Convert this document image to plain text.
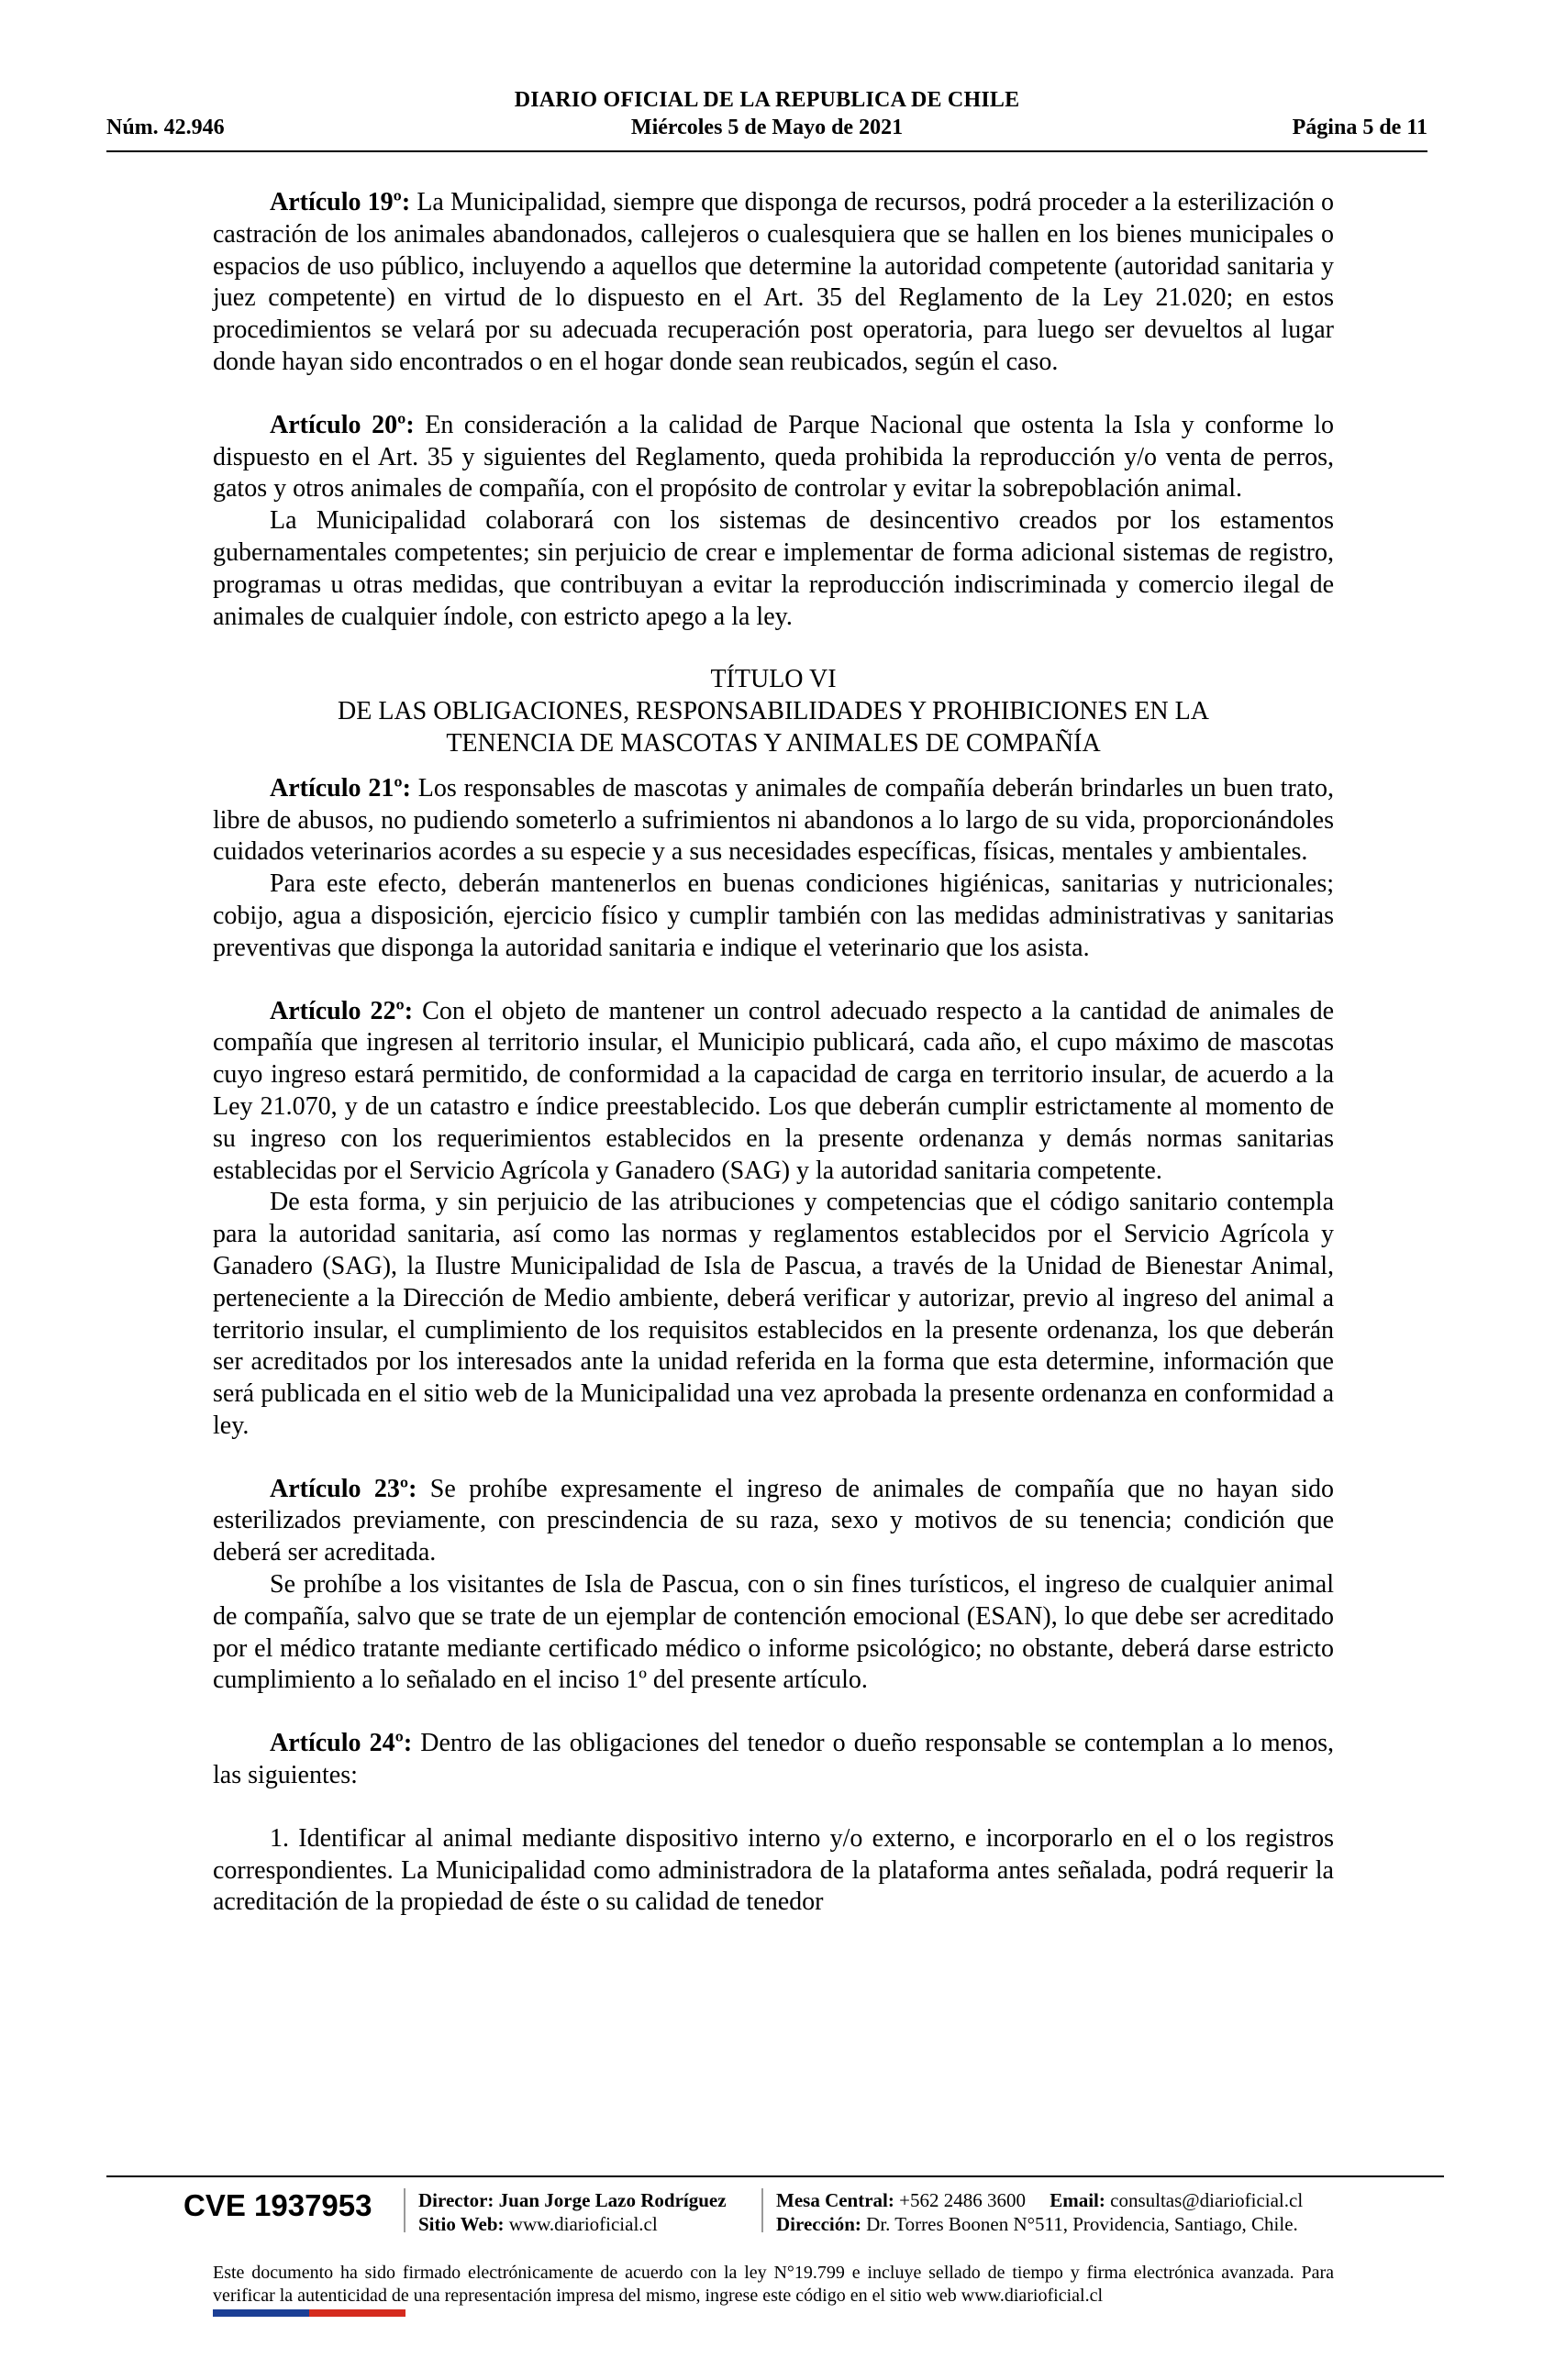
DIARIO OFICIAL DE LA REPUBLICA DE CHILE
Núm. 42.946	Miércoles 5 de Mayo de 2021	Página 5 de 11

Artículo 19º: La Municipalidad, siempre que disponga de recursos, podrá proceder a la esterilización o castración de los animales abandonados, callejeros o cualesquiera que se hallen en los bienes municipales o espacios de uso público, incluyendo a aquellos que determine la autoridad competente (autoridad sanitaria y juez competente) en virtud de lo dispuesto en el Art. 35 del Reglamento de la Ley 21.020; en estos procedimientos se velará por su adecuada recuperación post operatoria, para luego ser devueltos al lugar donde hayan sido encontrados o en el hogar donde sean reubicados, según el caso.

Artículo 20º: En consideración a la calidad de Parque Nacional que ostenta la Isla y conforme lo dispuesto en el Art. 35 y siguientes del Reglamento, queda prohibida la reproducción y/o venta de perros, gatos y otros animales de compañía, con el propósito de controlar y evitar la sobrepoblación animal.

La Municipalidad colaborará con los sistemas de desincentivo creados por los estamentos gubernamentales competentes; sin perjuicio de crear e implementar de forma adicional sistemas de registro, programas u otras medidas, que contribuyan a evitar la reproducción indiscriminada y comercio ilegal de animales de cualquier índole, con estricto apego a la ley.

TÍTULO VI
DE LAS OBLIGACIONES, RESPONSABILIDADES Y PROHIBICIONES EN LA
TENENCIA DE MASCOTAS Y ANIMALES DE COMPAÑÍA

Artículo 21º: Los responsables de mascotas y animales de compañía deberán brindarles un buen trato, libre de abusos, no pudiendo someterlo a sufrimientos ni abandonos a lo largo de su vida, proporcionándoles cuidados veterinarios acordes a su especie y a sus necesidades específicas, físicas, mentales y ambientales.

Para este efecto, deberán mantenerlos en buenas condiciones higiénicas, sanitarias y nutricionales; cobijo, agua a disposición, ejercicio físico y cumplir también con las medidas administrativas y sanitarias preventivas que disponga la autoridad sanitaria e indique el veterinario que los asista.

Artículo 22º: Con el objeto de mantener un control adecuado respecto a la cantidad de animales de compañía que ingresen al territorio insular, el Municipio publicará, cada año, el cupo máximo de mascotas cuyo ingreso estará permitido, de conformidad a la capacidad de carga en territorio insular, de acuerdo a la Ley 21.070, y de un catastro e índice preestablecido. Los que deberán cumplir estrictamente al momento de su ingreso con los requerimientos establecidos en la presente ordenanza y demás normas sanitarias establecidas por el Servicio Agrícola y Ganadero (SAG) y la autoridad sanitaria competente.

De esta forma, y sin perjuicio de las atribuciones y competencias que el código sanitario contempla para la autoridad sanitaria, así como las normas y reglamentos establecidos por el Servicio Agrícola y Ganadero (SAG), la Ilustre Municipalidad de Isla de Pascua, a través de la Unidad de Bienestar Animal, perteneciente a la Dirección de Medio ambiente, deberá verificar y autorizar, previo al ingreso del animal a territorio insular, el cumplimiento de los requisitos establecidos en la presente ordenanza, los que deberán ser acreditados por los interesados ante la unidad referida en la forma que esta determine, información que será publicada en el sitio web de la Municipalidad una vez aprobada la presente ordenanza en conformidad a ley.

Artículo 23º: Se prohíbe expresamente el ingreso de animales de compañía que no hayan sido esterilizados previamente, con prescindencia de su raza, sexo y motivos de su tenencia; condición que deberá ser acreditada.

Se prohíbe a los visitantes de Isla de Pascua, con o sin fines turísticos, el ingreso de cualquier animal de compañía, salvo que se trate de un ejemplar de contención emocional (ESAN), lo que debe ser acreditado por el médico tratante mediante certificado médico o informe psicológico; no obstante, deberá darse estricto cumplimiento a lo señalado en el inciso 1º del presente artículo.

Artículo 24º: Dentro de las obligaciones del tenedor o dueño responsable se contemplan a lo menos, las siguientes:

1. Identificar al animal mediante dispositivo interno y/o externo, e incorporarlo en el o los registros correspondientes. La Municipalidad como administradora de la plataforma antes señalada, podrá requerir la acreditación de la propiedad de éste o su calidad de tenedor

CVE 1937953 Director: Juan Jorge Lazo Rodríguez
Sitio Web: www.diarioficial.cl
Mesa Central: +562 2486 3600 Email: consultas@diarioficial.cl
Dirección: Dr. Torres Boonen N°511, Providencia, Santiago, Chile.
Este documento ha sido firmado electrónicamente de acuerdo con la ley N°19.799 e incluye sellado de tiempo y firma electrónica avanzada. Para verificar la autenticidad de una representación impresa del mismo, ingrese este código en el sitio web www.diarioficial.cl
